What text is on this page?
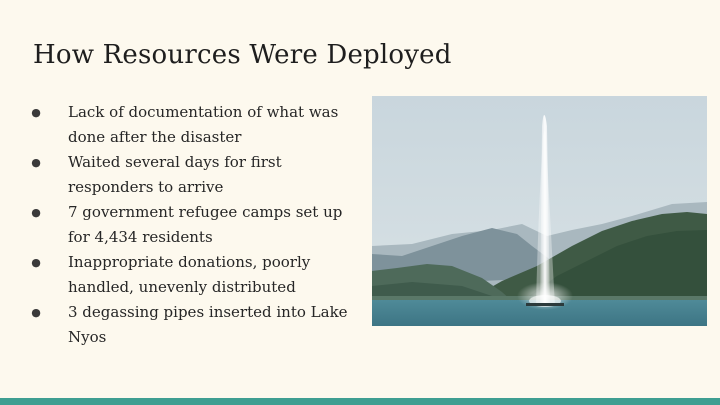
How Resources Were Deployed
● Lack of documentation of what was done after the disaster
● Waited several days for first responders to arrive
● 7 government refugee camps set up for 4,434 residents
● Inappropriate donations, poorly handled, unevenly distributed
● 3 degassing pipes inserted into Lake Nyos
